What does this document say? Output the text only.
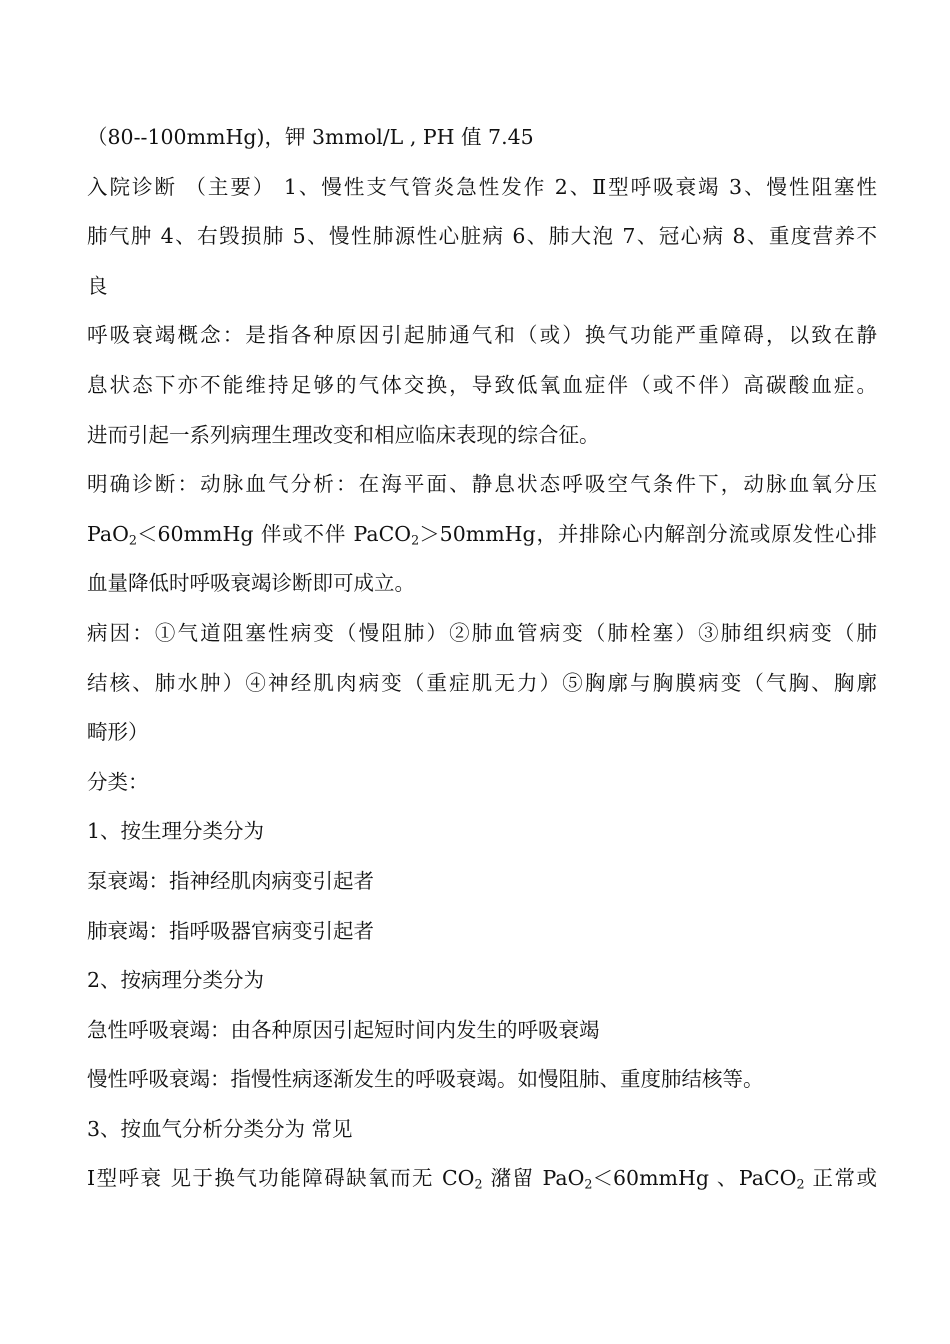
（80--100mmHg)，钾 3mmol/L , PH 值 7.45
入院诊断 （主要） 1、慢性支气管炎急性发作 2、Ⅱ型呼吸衰竭 3、慢性阻塞性
肺气肿 4、右毁损肺 5、慢性肺源性心脏病 6、肺大泡 7、冠心病 8、重度营养不
良
呼吸衰竭概念：是指各种原因引起肺通气和（或）换气功能严重障碍，以致在静
息状态下亦不能维持足够的气体交换，导致低氧血症伴（或不伴）高碳酸血症。
进而引起一系列病理生理改变和相应临床表现的综合征。
明确诊断：动脉血气分析：在海平面、静息状态呼吸空气条件下，动脉血氧分压
PaO$_2$＜60mmHg 伴或不伴 PaCO$_2$＞50mmHg，并排除心内解剖分流或原发性心排
血量降低时呼吸衰竭诊断即可成立。
病因：①气道阻塞性病变（慢阻肺）②肺血管病变（肺栓塞）③肺组织病变（肺
结核、肺水肿）④神经肌肉病变（重症肌无力）⑤胸廓与胸膜病变（气胸、胸廓
畸形）
分类：
1、按生理分类分为
泵衰竭：指神经肌肉病变引起者
肺衰竭：指呼吸器官病变引起者
2、按病理分类分为
急性呼吸衰竭：由各种原因引起短时间内发生的呼吸衰竭
慢性呼吸衰竭：指慢性病逐渐发生的呼吸衰竭。如慢阻肺、重度肺结核等。
3、按血气分析分类分为 常见
Ⅰ型呼衰 见于换气功能障碍缺氧而无 $CO_2$ 潴留 PaO$_2$＜60mmHg 、PaCO$_2$ 正常或
